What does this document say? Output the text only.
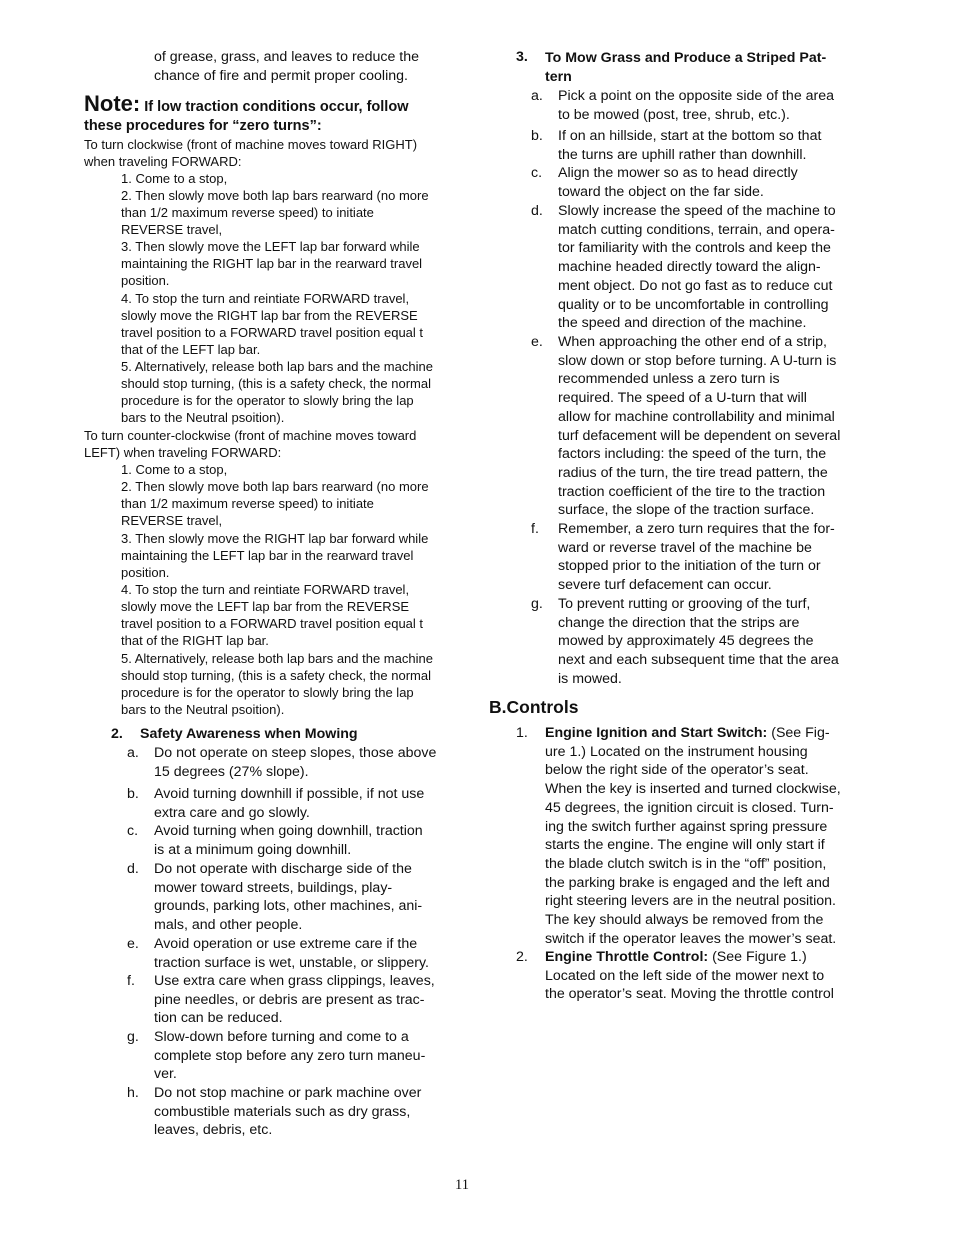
of grease, grass, and leaves to reduce the
chance of fire and permit proper cooling.
Note: If low traction conditions occur, follow
these procedures for “zero turns”:
To turn clockwise (front of machine moves toward RIGHT)
when traveling FORWARD:
1. Come to a stop,
2. Then slowly move both lap bars rearward (no more
than 1/2 maximum reverse speed) to initiate
REVERSE travel,
3. Then slowly move the LEFT lap bar forward while
maintaining the RIGHT lap bar in the rearward travel
position.
4. To stop the turn and reintiate FORWARD travel,
slowly move the RIGHT lap bar from the REVERSE
travel position to a FORWARD travel position equal t
that of the LEFT lap bar.
5. Alternatively, release both lap bars and the machine
should stop turning, (this is a safety check, the normal
procedure is for the operator to slowly bring the lap
bars to the Neutral psoition).
To turn counter-clockwise (front of machine moves toward
LEFT) when traveling FORWARD:
1. Come to a stop,
2. Then slowly move both lap bars rearward (no more
than 1/2 maximum reverse speed) to initiate
REVERSE travel,
3. Then slowly move the RIGHT lap bar forward while
maintaining the LEFT lap bar in the rearward travel
position.
4. To stop the turn and reintiate FORWARD travel,
slowly move the LEFT lap bar from the REVERSE
travel position to a FORWARD travel position equal t
that of the RIGHT lap bar.
5. Alternatively, release both lap bars and the machine
should stop turning, (this is a safety check, the normal
procedure is for the operator to slowly bring the lap
bars to the Neutral psoition).
2. Safety Awareness when Mowing
a. Do not operate on steep slopes, those above
15 degrees (27% slope).
b. Avoid turning downhill if possible, if not use
extra care and go slowly.
c. Avoid turning when going downhill, traction
is at a minimum going downhill.
d. Do not operate with discharge side of the
mower toward streets, buildings, play-
grounds, parking lots, other machines, ani-
mals, and other people.
e. Avoid operation or use extreme care if the
traction surface is wet, unstable, or slippery.
f. Use extra care when grass clippings, leaves,
pine needles, or debris are present as trac-
tion can be reduced.
g. Slow-down before turning and come to a
complete stop before any zero turn maneu-
ver.
h. Do not stop machine or park machine over
combustible materials such as dry grass,
leaves, debris, etc.
3. To Mow Grass and Produce a Striped Pat-
tern
a. Pick a point on the opposite side of the area
to be mowed (post, tree, shrub, etc.).
b. If on an hillside, start at the bottom so that
the turns are uphill rather than downhill.
c. Align the mower so as to head directly
toward the object on the far side.
d. Slowly increase the speed of the machine to
match cutting conditions, terrain, and opera-
tor familiarity with the controls and keep the
machine headed directly toward the align-
ment object. Do not go fast as to reduce cut
quality or to be uncomfortable in controlling
the speed and direction of the machine.
e. When approaching the other end of a strip,
slow down or stop before turning. A U-turn is
recommended unless a zero turn is
required. The speed of a U-turn that will
allow for machine controllability and minimal
turf defacement will be dependent on several
factors including: the speed of the turn, the
radius of the turn, the tire tread pattern, the
traction coefficient of the tire to the traction
surface, the slope of the traction surface.
f. Remember, a zero turn requires that the for-
ward or reverse travel of the machine be
stopped prior to the initiation of the turn or
severe turf defacement can occur.
g. To prevent rutting or grooving of the turf,
change the direction that the strips are
mowed by approximately 45 degrees the
next and each subsequent time that the area
is mowed.
B.Controls
1. Engine Ignition and Start Switch: (See Fig-
ure 1.) Located on the instrument housing
below the right side of the operator’s seat.
When the key is inserted and turned clockwise,
45 degrees, the ignition circuit is closed. Turn-
ing the switch further against spring pressure
starts the engine. The engine will only start if
the blade clutch switch is in the “off” position,
the parking brake is engaged and the left and
right steering levers are in the neutral position.
The key should always be removed from the
switch if the operator leaves the mower’s seat.
2. Engine Throttle Control: (See Figure 1.)
Located on the left side of the mower next to
the operator’s seat. Moving the throttle control
11
